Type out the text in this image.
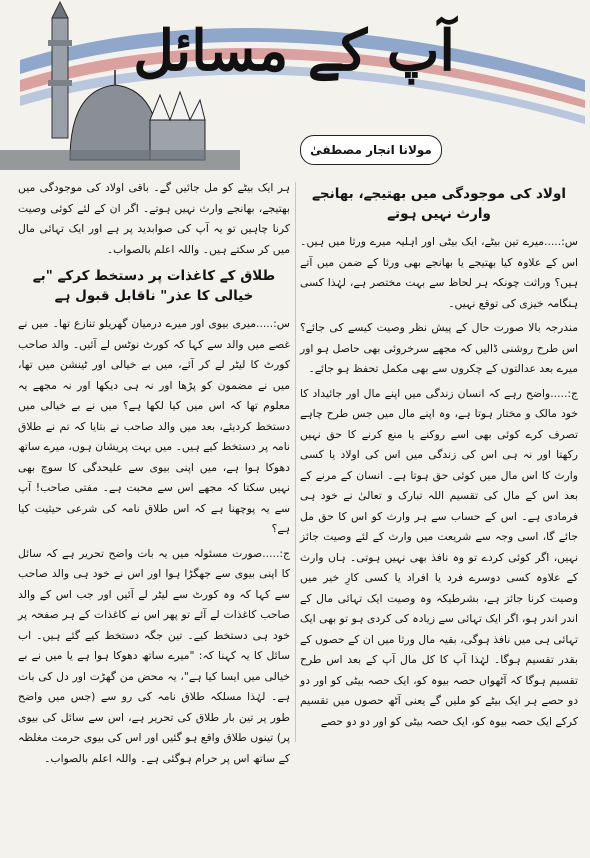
آپ کے مسائل
مولانا انجار مصطفیٰ
اولاد کی موجودگی میں بھتیجے، بھانجے وارث نہیں ہوتے

س:.....میرے تین بیٹے، ایک بیٹی اور اہلیہ میرے ورثا میں ہیں۔ اس کے علاوہ کیا بھتیجے یا بھانجے بھی ورثا کے ضمن میں آتے ہیں؟ وراثت چونکہ ہر لحاظ سے بہت مختصر ہے، لہٰذا کسی ہنگامہ خیزی کی توقع نہیں۔

مندرجہ بالا صورت حال کے پیش نظر وصیت کیسے کی جائے؟ اس طرح روشنی ڈالیں کہ مجھے سرخروئی بھی حاصل ہو اور میرے بعد عدالتوں کے چکروں سے بھی مکمل تحفظ ہو جائے۔

ج:.....واضح رہے کہ انسان زندگی میں اپنے مال اور جائیداد کا خود مالک و مختار ہوتا ہے، وہ اپنے مال میں جس طرح چاہے تصرف کرے کوئی بھی اسے روکنے یا منع کرنے کا حق نہیں رکھتا اور نہ ہی اس کی زندگی میں اس کی اولاد یا کسی وارث کا اس مال میں کوئی حق ہوتا ہے۔ انسان کے مرنے کے بعد اس کے مال کی تقسیم اللہ تبارک و تعالیٰ نے خود ہی فرمادی ہے۔ اس کے حساب سے ہر وارث کو اس کا حق مل جائے گا، اسی وجہ سے شریعت میں وارث کے لئے وصیت جائز نہیں، اگر کوئی کردے تو وہ نافذ بھی نہیں ہوتی۔ ہاں وارث کے علاوہ کسی دوسرے فرد یا افراد یا کسی کارِ خیر میں وصیت کرنا جائز ہے، بشرطیکہ وہ وصیت ایک تہائی مال کے اندر اندر ہو، اگر ایک تہائی سے زیادہ کی کردی ہو تو بھی ایک تہائی ہی میں نافذ ہوگی، بقیہ مال ورثا میں ان کے حصوں کے بقدر تقسیم ہوگا۔ لہٰذا آپ کا کل مال آپ کے بعد اس طرح تقسیم ہوگا کہ آٹھواں حصہ بیوہ کو، ایک حصہ بیٹی کو اور دو دو حصے ہر ایک بیٹے کو ملیں گے یعنی آٹھ حصوں میں تقسیم کرکے ایک حصہ بیوہ کو، ایک حصہ بیٹی کو اور دو دو حصے

ہر ایک بیٹے کو مل جائیں گے۔ باقی اولاد کی موجودگی میں بھتیجے، بھانجے وارث نہیں ہوتے۔ اگر ان کے لئے کوئی وصیت کرنا چاہیں تو یہ آپ کی صوابدید پر ہے اور ایک تہائی مال میں کر سکتے ہیں۔ واللہ اعلم بالصواب۔

طلاق کے کاغذات پر دستخط کرکے "بے خیالی کا عذر" ناقابل قبول ہے

س:.....میری بیوی اور میرے درمیان گھریلو تنازع تھا۔ میں نے غصے میں والد سے کہا کہ کورٹ نوٹس لے آئیں۔ والد صاحب کورٹ کا لیٹر لے کر آئے، میں بے خیالی اور ٹینشن میں تھا، میں نے مضمون کو پڑھا اور نہ ہی دیکھا اور نہ مجھے یہ معلوم تھا کہ اس میں کیا لکھا ہے؟ میں نے بے خیالی میں دستخط کردیئے، بعد میں والد صاحب نے بتایا کہ تم نے طلاق نامہ پر دستخط کیے ہیں۔ میں بہت پریشان ہوں، میرے ساتھ دھوکا ہوا ہے، میں اپنی بیوی سے علیحدگی کا سوچ بھی نہیں سکتا کہ مجھے اس سے محبت ہے۔ مفتی صاحب! آپ سے یہ پوچھنا ہے کہ اس طلاق نامہ کی شرعی حیثیت کیا ہے؟

ج:.....صورت مسئولہ میں یہ بات واضح تحریر ہے کہ سائل کا اپنی بیوی سے جھگڑا ہوا اور اس نے خود ہی والد صاحب سے کہا کہ وہ کورٹ سے لیٹر لے آئیں اور جب اس کے والد صاحب کاغذات لے آئے تو پھر اس نے کاغذات کے ہر صفحہ پر خود ہی دستخط کیے۔ تین جگہ دستخط کیے گئے ہیں۔ اب سائل کا یہ کہنا کہ: "میرے ساتھ دھوکا ہوا ہے یا میں نے بے خیالی میں ایسا کیا ہے"، یہ محض من گھڑت اور دل کی بات ہے۔ لہٰذا مسلکہ طلاق نامہ کی رو سے (جس میں واضح طور پر تین بار طلاق کی تحریر ہے، اس سے سائل کی بیوی پر) تینوں طلاق واقع ہو گئیں اور اس کی بیوی حرمت مغلظہ کے ساتھ اس پر حرام ہوگئی ہے۔ واللہ اعلم بالصواب۔
